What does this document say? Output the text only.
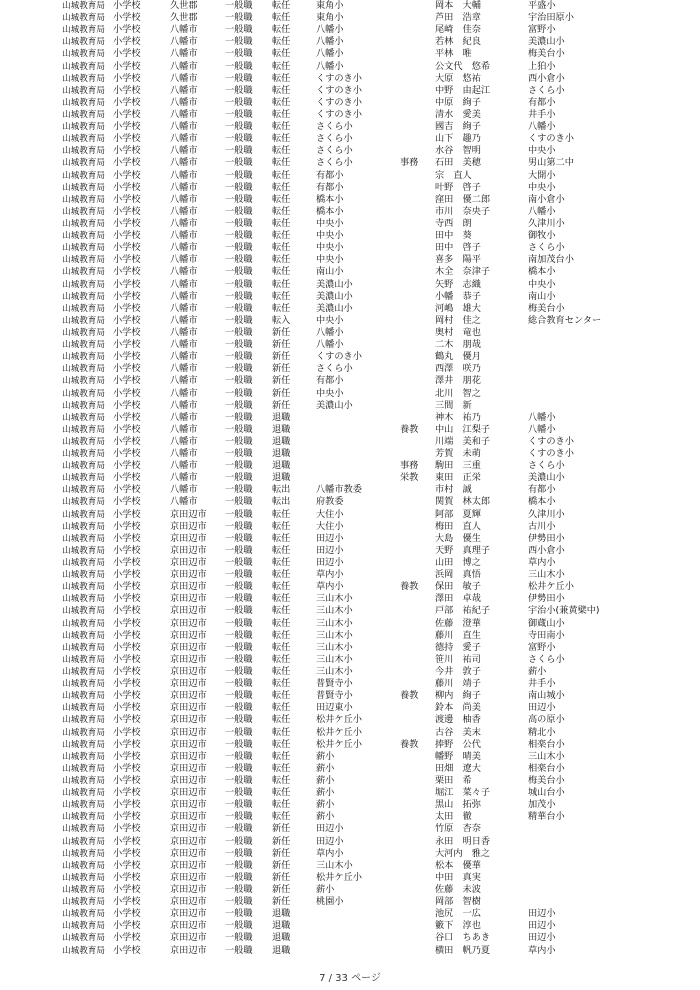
山城教育局 小学校	久世郡	一般職 転任	東角小	岡本　大輔	平盛小
山城教育局 小学校	久世郡	一般職 転任	東角小	芦田　浩章	宇治田原小
山城教育局 小学校	八幡市	一般職 転任	八幡小	尾崎　佳奈	富野小
山城教育局 小学校	八幡市	一般職 転任	八幡小	若林　紀良	美濃山小
山城教育局 小学校	八幡市	一般職 転任	八幡小	平林　唯	梅美台小
山城教育局 小学校	八幡市	一般職 転任	八幡小	公文代　悠希	上狛小
山城教育局 小学校	八幡市	一般職 転任	くすのき小	大原　悠祐	西小倉小
山城教育局 小学校	八幡市	一般職 転任	くすのき小	中野　由起江	さくら小
山城教育局 小学校	八幡市	一般職 転任	くすのき小	中原　絢子	有都小
山城教育局 小学校	八幡市	一般職 転任	くすのき小	清水　愛美	井手小
山城教育局 小学校	八幡市	一般職 転任	さくら小	國吉　絢子	八幡小
山城教育局 小学校	八幡市	一般職 転任	さくら小	山下　趣乃	くすのき小
山城教育局 小学校	八幡市	一般職 転任	さくら小	水谷　智明	中央小
山城教育局 小学校	八幡市	一般職 転任	さくら小	事務 石田　美穂	男山第二中
山城教育局 小学校	八幡市	一般職 転任	有都小	宗　直人	大開小
山城教育局 小学校	八幡市	一般職 転任	有都小	叶野　啓子	中央小
山城教育局 小学校	八幡市	一般職 転任	橋本小	窪田　優二郎	南小倉小
山城教育局 小学校	八幡市	一般職 転任	橋本小	市川　奈央子	八幡小
山城教育局 小学校	八幡市	一般職 転任	中央小	寺西　朗	久津川小
山城教育局 小学校	八幡市	一般職 転任	中央小	田中　葵	御牧小
山城教育局 小学校	八幡市	一般職 転任	中央小	田中　啓子	さくら小
山城教育局 小学校	八幡市	一般職 転任	中央小	喜多　陽平	南加茂台小
山城教育局 小学校	八幡市	一般職 転任	南山小	木全　奈津子	橋本小
山城教育局 小学校	八幡市	一般職 転任	美濃山小	矢野　志織	中央小
山城教育局 小学校	八幡市	一般職 転任	美濃山小	小幡　恭子	南山小
山城教育局 小学校	八幡市	一般職 転任	美濃山小	河嶋　雄大	梅美台小
山城教育局 小学校	八幡市	一般職 転入	中央小	岡村　佳之	総合教育センター
山城教育局 小学校	八幡市	一般職 新任	八幡小	奥村　竜也
山城教育局 小学校	八幡市	一般職 新任	八幡小	二木　朋哉
山城教育局 小学校	八幡市	一般職 新任	くすのき小	鶴丸　優月
山城教育局 小学校	八幡市	一般職 新任	さくら小	西澤　咲乃
山城教育局 小学校	八幡市	一般職 新任	有都小	澤井　朋花
山城教育局 小学校	八幡市	一般職 新任	中央小	北川　智之
山城教育局 小学校	八幡市	一般職 新任	美濃山小	三間　新
山城教育局 小学校	八幡市	一般職 退職	神木　祐乃	八幡小
山城教育局 小学校	八幡市	一般職 退職	養教 中山　江梨子	八幡小
山城教育局 小学校	八幡市	一般職 退職	川端　美和子	くすのき小
山城教育局 小学校	八幡市	一般職 退職	芳賀　未萌	くすのき小
山城教育局 小学校	八幡市	一般職 退職	事務 駒田　三重	さくら小
山城教育局 小学校	八幡市	一般職 退職	栄教 東田　正栄	美濃山小
山城教育局 小学校	八幡市	一般職 転出	八幡市教委	市村　誠	有都小
山城教育局 小学校	八幡市	一般職 転出	府教委	関賀　林太郎	橋本小
山城教育局 小学校	京田辺市 一般職 転任	大住小	阿部　夏輝	久津川小
山城教育局 小学校	京田辺市 一般職 転任	大住小	梅田　直人	古川小
山城教育局 小学校	京田辺市 一般職 転任	田辺小	大島　優生	伊勢田小
山城教育局 小学校	京田辺市 一般職 転任	田辺小	天野　真理子	西小倉小
山城教育局 小学校	京田辺市 一般職 転任	田辺小	山田　博之	草内小
山城教育局 小学校	京田辺市 一般職 転任	草内小	浜岡　真悟	三山木小
山城教育局 小学校	京田辺市 一般職 転任	草内小	養教 保田　敏子	松井ケ丘小
山城教育局 小学校	京田辺市 一般職 転任	三山木小	澤田　卓哉	伊勢田小
山城教育局 小学校	京田辺市 一般職 転任	三山木小	戸部　祐紀子	宇治小(兼黄檗中)
山城教育局 小学校	京田辺市 一般職 転任	三山木小	佐藤　澄華	御蔵山小
山城教育局 小学校	京田辺市 一般職 転任	三山木小	藤川　直生	寺田南小
山城教育局 小学校	京田辺市 一般職 転任	三山木小	德持　愛子	富野小
山城教育局 小学校	京田辺市 一般職 転任	三山木小	笹川　祐司	さくら小
山城教育局 小学校	京田辺市 一般職 転任	三山木小	今井　敦子	薪小
山城教育局 小学校	京田辺市 一般職 転任	普賢寺小	藤川　靖子	井手小
山城教育局 小学校	京田辺市 一般職 転任	普賢寺小	養教 柳内　絢子	南山城小
山城教育局 小学校	京田辺市 一般職 転任	田辺東小	鈴本　尚美	田辺小
山城教育局 小学校	京田辺市 一般職 転任	松井ケ丘小	渡邊　柚香	高の原小
山城教育局 小学校	京田辺市 一般職 転任	松井ケ丘小	古谷　美末	精北小
山城教育局 小学校	京田辺市 一般職 転任	松井ケ丘小	養教 捧野　公代	相楽台小
山城教育局 小学校	京田辺市 一般職 転任	薪小	幡野　晴美	三山木小
山城教育局 小学校	京田辺市 一般職 転任	薪小	田畑　遼大	相楽台小
山城教育局 小学校	京田辺市 一般職 転任	薪小	栗田　希	梅美台小
山城教育局 小学校	京田辺市 一般職 転任	薪小	堀江　菜々子	城山台小
山城教育局 小学校	京田辺市 一般職 転任	薪小	黒山　拓弥	加茂小
山城教育局 小学校	京田辺市 一般職 転任	薪小	太田　徹	精華台小
山城教育局 小学校	京田辺市 一般職 新任	田辺小	竹原　杏奈
山城教育局 小学校	京田辺市 一般職 新任	田辺小	永田　明日香
山城教育局 小学校	京田辺市 一般職 新任	草内小	大河内　雅之
山城教育局 小学校	京田辺市 一般職 新任	三山木小	松本　優華
山城教育局 小学校	京田辺市 一般職 新任	松井ケ丘小	中田　真実
山城教育局 小学校	京田辺市 一般職 新任	薪小	佐藤　未波
山城教育局 小学校	京田辺市 一般職 新任	桃園小	岡部　智樹
山城教育局 小学校	京田辺市 一般職 退職	池尻　一広	田辺小
山城教育局 小学校	京田辺市 一般職 退職	籔下　淳也	田辺小
山城教育局 小学校	京田辺市 一般職 退職	谷口　ちあき	田辺小
山城教育局 小学校	京田辺市 一般職 退職	横田　帆乃夏	草内小
7 / 33 ページ
